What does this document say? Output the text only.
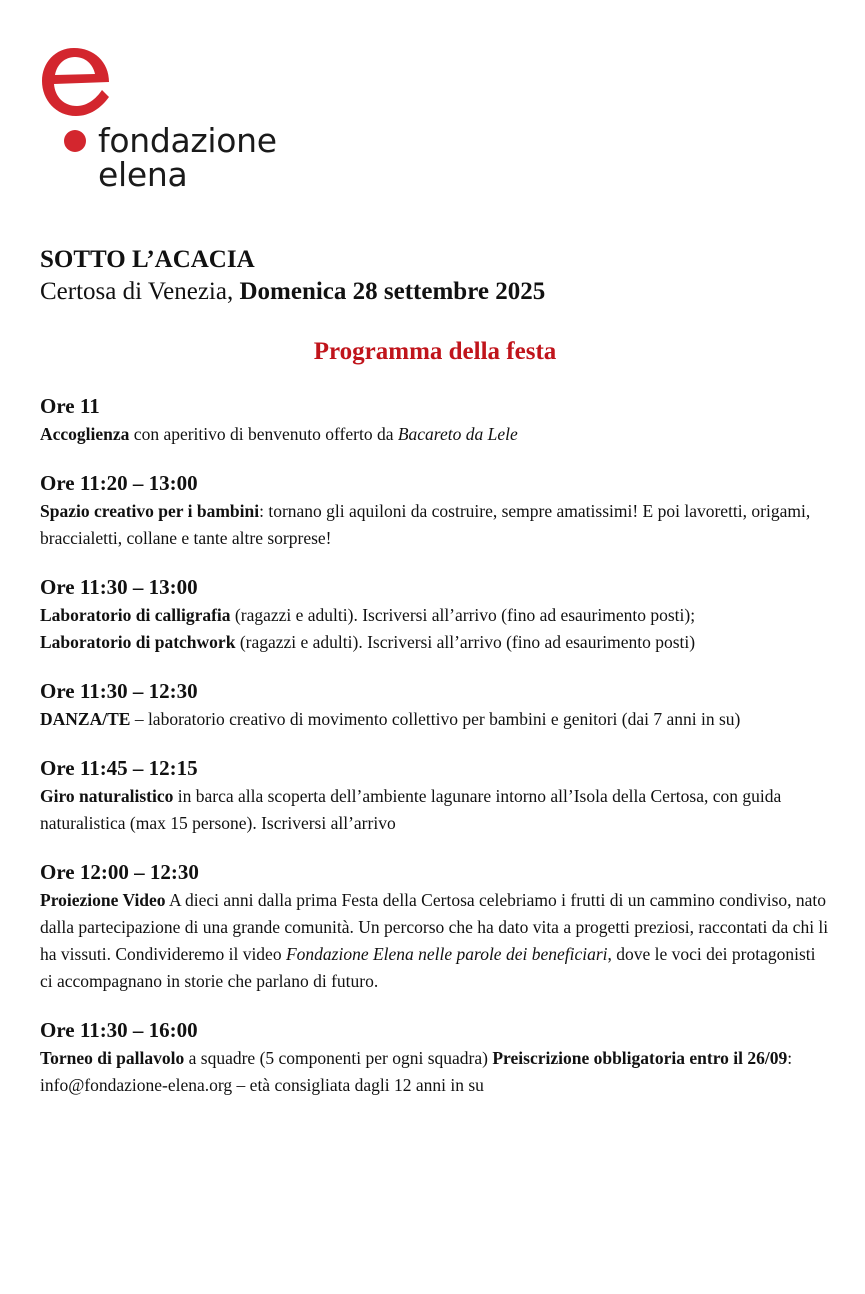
fondazione
elena
SOTTO L’ACACIA

Certosa di Venezia, Domenica 28 settembre 2025

Programma della festa
Ore 11
Accoglienza con aperitivo di benvenuto offerto da Bacareto da Lele
Ore 11:20 – 13:00
Spazio creativo per i bambini: tornano gli aquiloni da costruire, sempre amatissimi! E poi lavoretti, origami, braccialetti, collane e tante altre sorprese!
Ore 11:30 – 13:00
Laboratorio di calligrafia (ragazzi e adulti). Iscriversi all’arrivo (fino ad esaurimento posti);
Laboratorio di patchwork (ragazzi e adulti). Iscriversi all’arrivo (fino ad esaurimento posti)
Ore 11:30 – 12:30
DANZA/TE – laboratorio creativo di movimento collettivo per bambini e genitori (dai 7 anni in su)
Ore 11:45 – 12:15
Giro naturalistico in barca alla scoperta dell’ambiente lagunare intorno all’Isola della Certosa, con guida naturalistica (max 15 persone). Iscriversi all’arrivo
Ore 12:00 – 12:30
Proiezione Video A dieci anni dalla prima Festa della Certosa celebriamo i frutti di un cammino condiviso, nato dalla partecipazione di una grande comunità. Un percorso che ha dato vita a progetti preziosi, raccontati da chi li ha vissuti. Condivideremo il video Fondazione Elena nelle parole dei beneficiari, dove le voci dei protagonisti ci accompagnano in storie che parlano di futuro.
Ore 11:30 – 16:00
Torneo di pallavolo a squadre (5 componenti per ogni squadra) Preiscrizione obbligatoria entro il 26/09: info@fondazione-elena.org – età consigliata dagli 12 anni in su
